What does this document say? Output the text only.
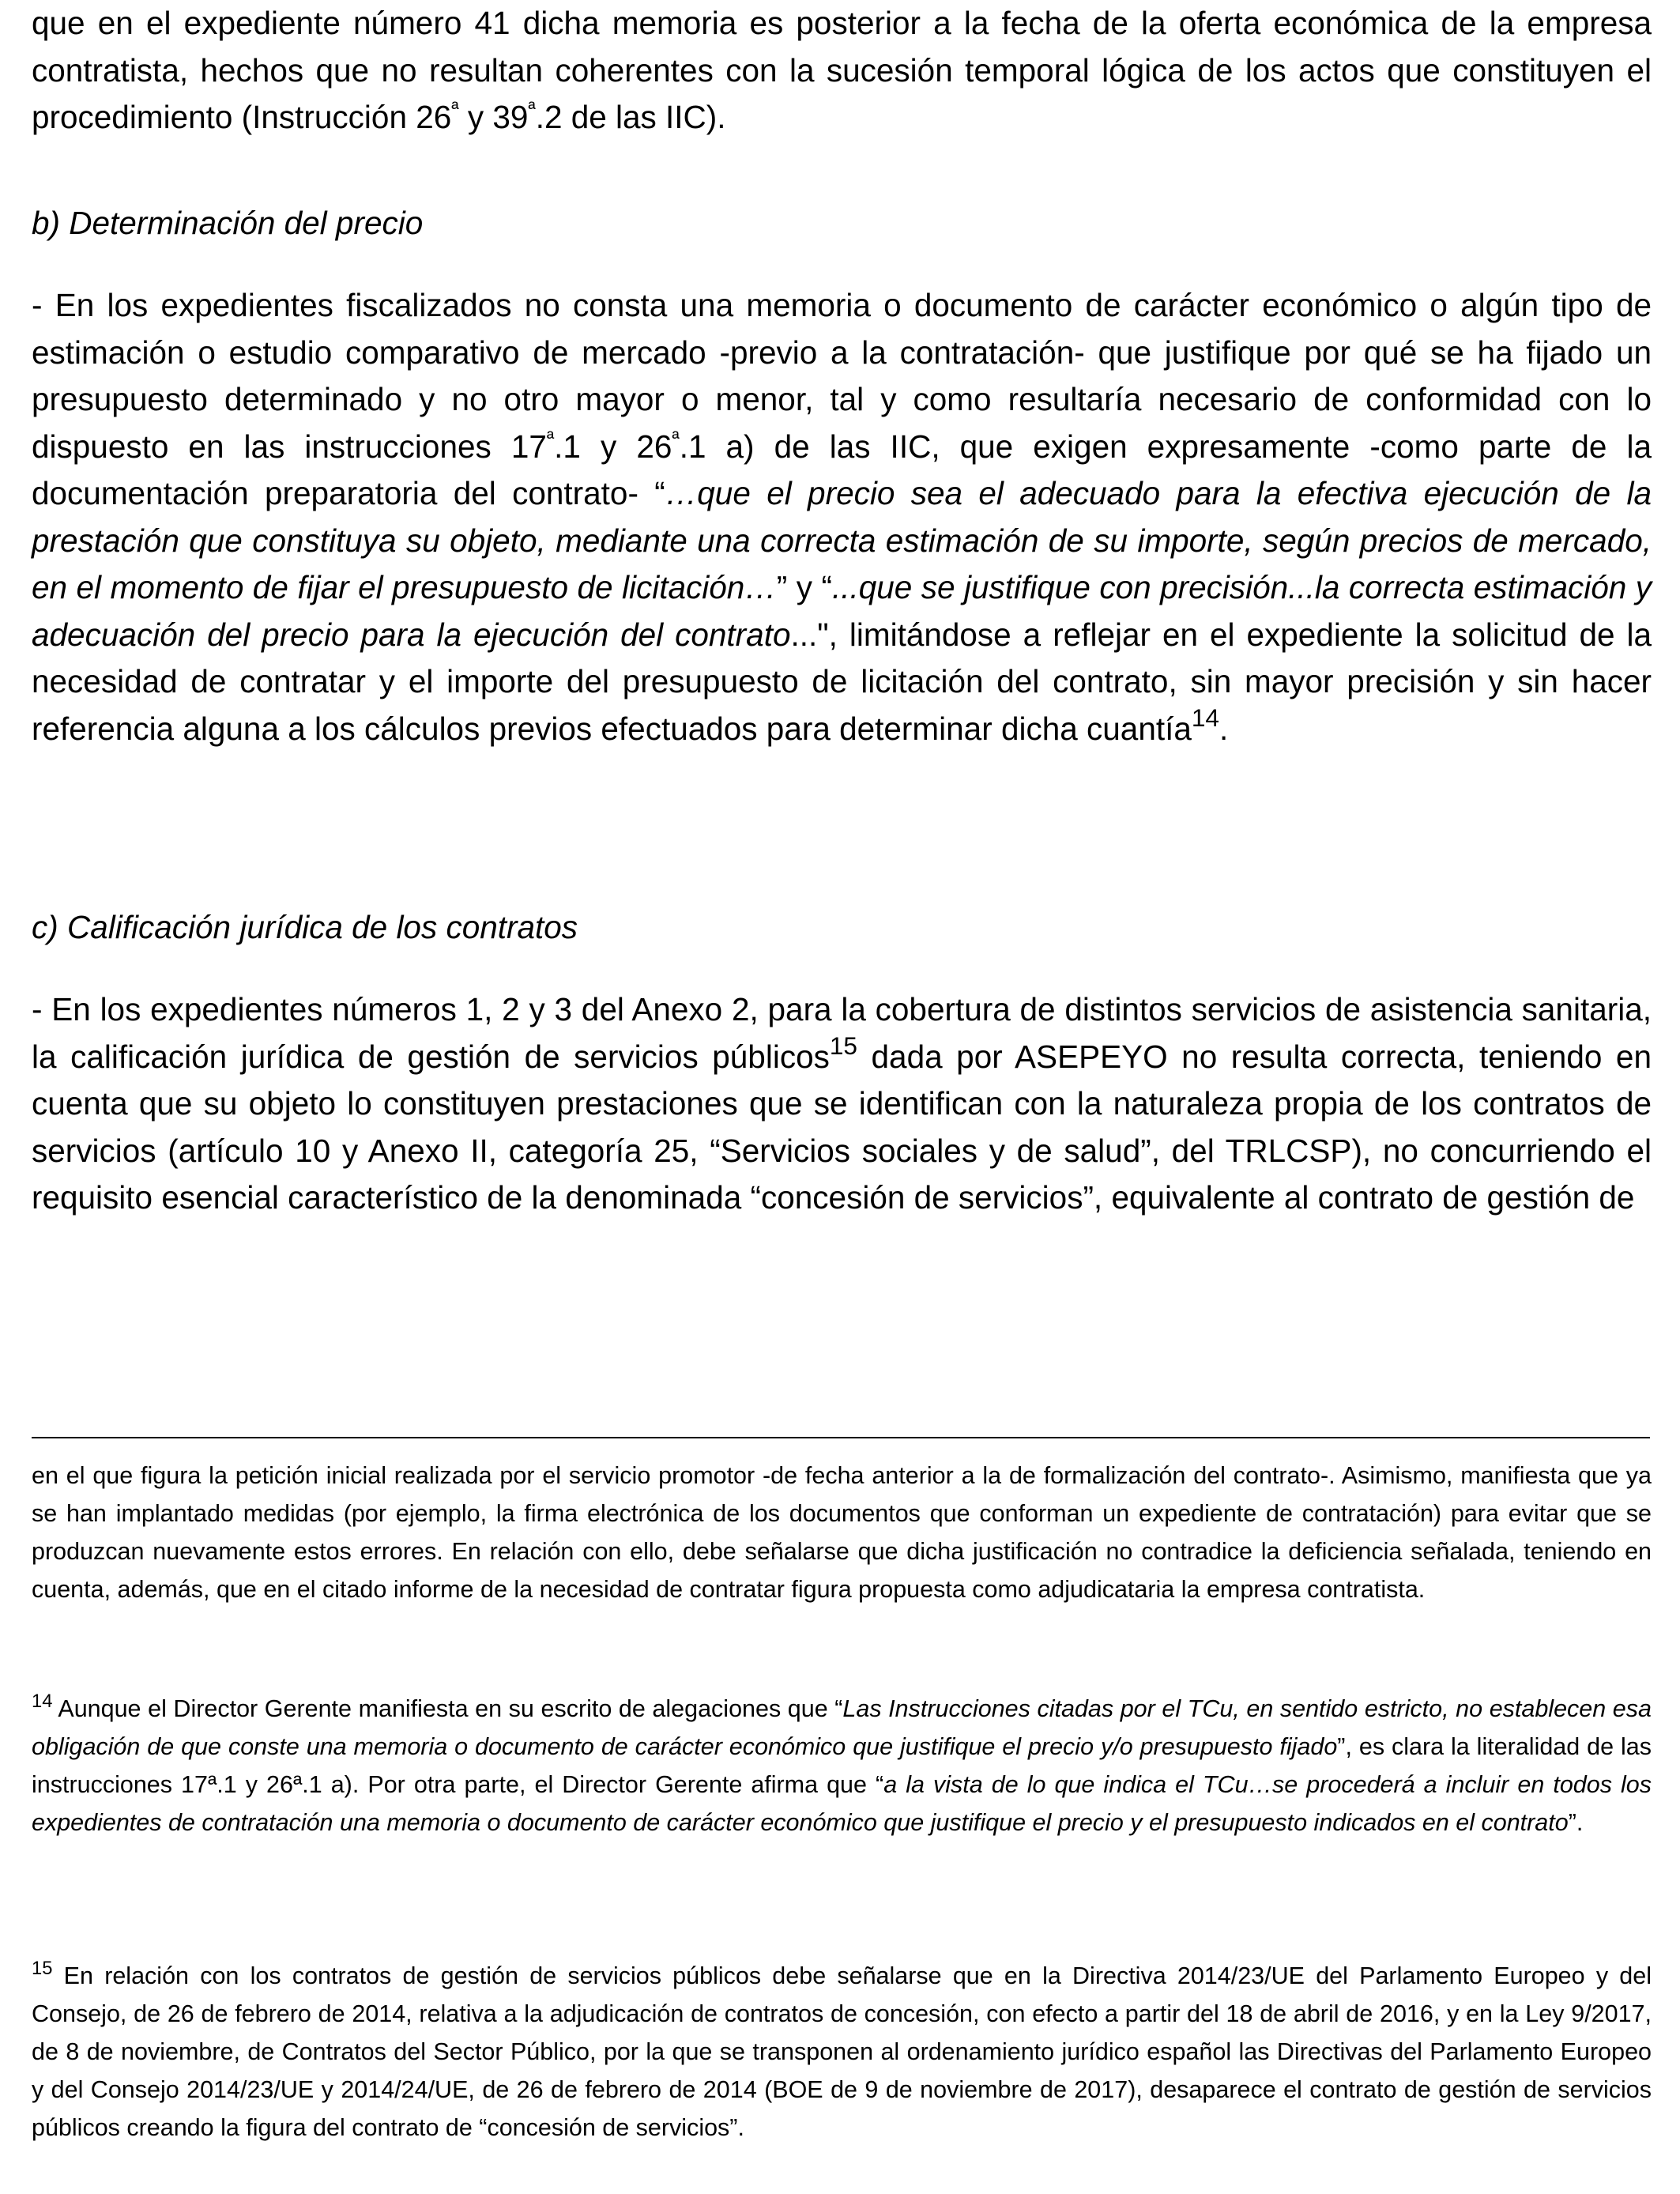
que en el expediente número 41 dicha memoria es posterior a la fecha de la oferta económica de la empresa contratista, hechos que no resultan coherentes con la sucesión temporal lógica de los actos que constituyen el procedimiento (Instrucción $26^ª$ y $39^ª.2$ de las IIC).

b) Determinación del precio

- En los expedientes fiscalizados no consta una memoria o documento de carácter económico o algún tipo de estimación o estudio comparativo de mercado -previo a la contratación- que justifique por qué se ha fijado un presupuesto determinado y no otro mayor o menor, tal y como resultaría necesario de conformidad con lo dispuesto en las instrucciones $17^ª.1$ y $26^ª.1$ a) de las IIC, que exigen expresamente -como parte de la documentación preparatoria del contrato- “…que el precio sea el adecuado para la efectiva ejecución de la prestación que constituya su objeto, mediante una correcta estimación de su importe, según precios de mercado, en el momento de fijar el presupuesto de licitación…” y “...que se justifique con precisión...la correcta estimación y adecuación del precio para la ejecución del contrato...", limitándose a reflejar en el expediente la solicitud de la necesidad de contratar y el importe del presupuesto de licitación del contrato, sin mayor precisión y sin hacer referencia alguna a los cálculos previos efectuados para determinar dicha cuantía$^{14}$.

c) Calificación jurídica de los contratos

- En los expedientes números 1, 2 y 3 del Anexo 2, para la cobertura de distintos servicios de asistencia sanitaria, la calificación jurídica de gestión de servicios públicos$^{15}$ dada por ASEPEYO no resulta correcta, teniendo en cuenta que su objeto lo constituyen prestaciones que se identifican con la naturaleza propia de los contratos de servicios (artículo 10 y Anexo II, categoría 25, “Servicios sociales y de salud”, del TRLCSP), no concurriendo el requisito esencial característico de la denominada “concesión de servicios”, equivalente al contrato de gestión de

en el que figura la petición inicial realizada por el servicio promotor -de fecha anterior a la de formalización del contrato-. Asimismo, manifiesta que ya se han implantado medidas (por ejemplo, la firma electrónica de los documentos que conforman un expediente de contratación) para evitar que se produzcan nuevamente estos errores. En relación con ello, debe señalarse que dicha justificación no contradice la deficiencia señalada, teniendo en cuenta, además, que en el citado informe de la necesidad de contratar figura propuesta como adjudicataria la empresa contratista.

$^{14}$ Aunque el Director Gerente manifiesta en su escrito de alegaciones que “Las Instrucciones citadas por el TCu, en sentido estricto, no establecen esa obligación de que conste una memoria o documento de carácter económico que justifique el precio y/o presupuesto fijado”, es clara la literalidad de las instrucciones 17ª.1 y 26ª.1 a). Por otra parte, el Director Gerente afirma que “a la vista de lo que indica el TCu…se procederá a incluir en todos los expedientes de contratación una memoria o documento de carácter económico que justifique el precio y el presupuesto indicados en el contrato”.

$^{15}$ En relación con los contratos de gestión de servicios públicos debe señalarse que en la Directiva 2014/23/UE del Parlamento Europeo y del Consejo, de 26 de febrero de 2014, relativa a la adjudicación de contratos de concesión, con efecto a partir del 18 de abril de 2016, y en la Ley 9/2017, de 8 de noviembre, de Contratos del Sector Público, por la que se transponen al ordenamiento jurídico español las Directivas del Parlamento Europeo y del Consejo 2014/23/UE y 2014/24/UE, de 26 de febrero de 2014 (BOE de 9 de noviembre de 2017), desaparece el contrato de gestión de servicios públicos creando la figura del contrato de “concesión de servicios”.
